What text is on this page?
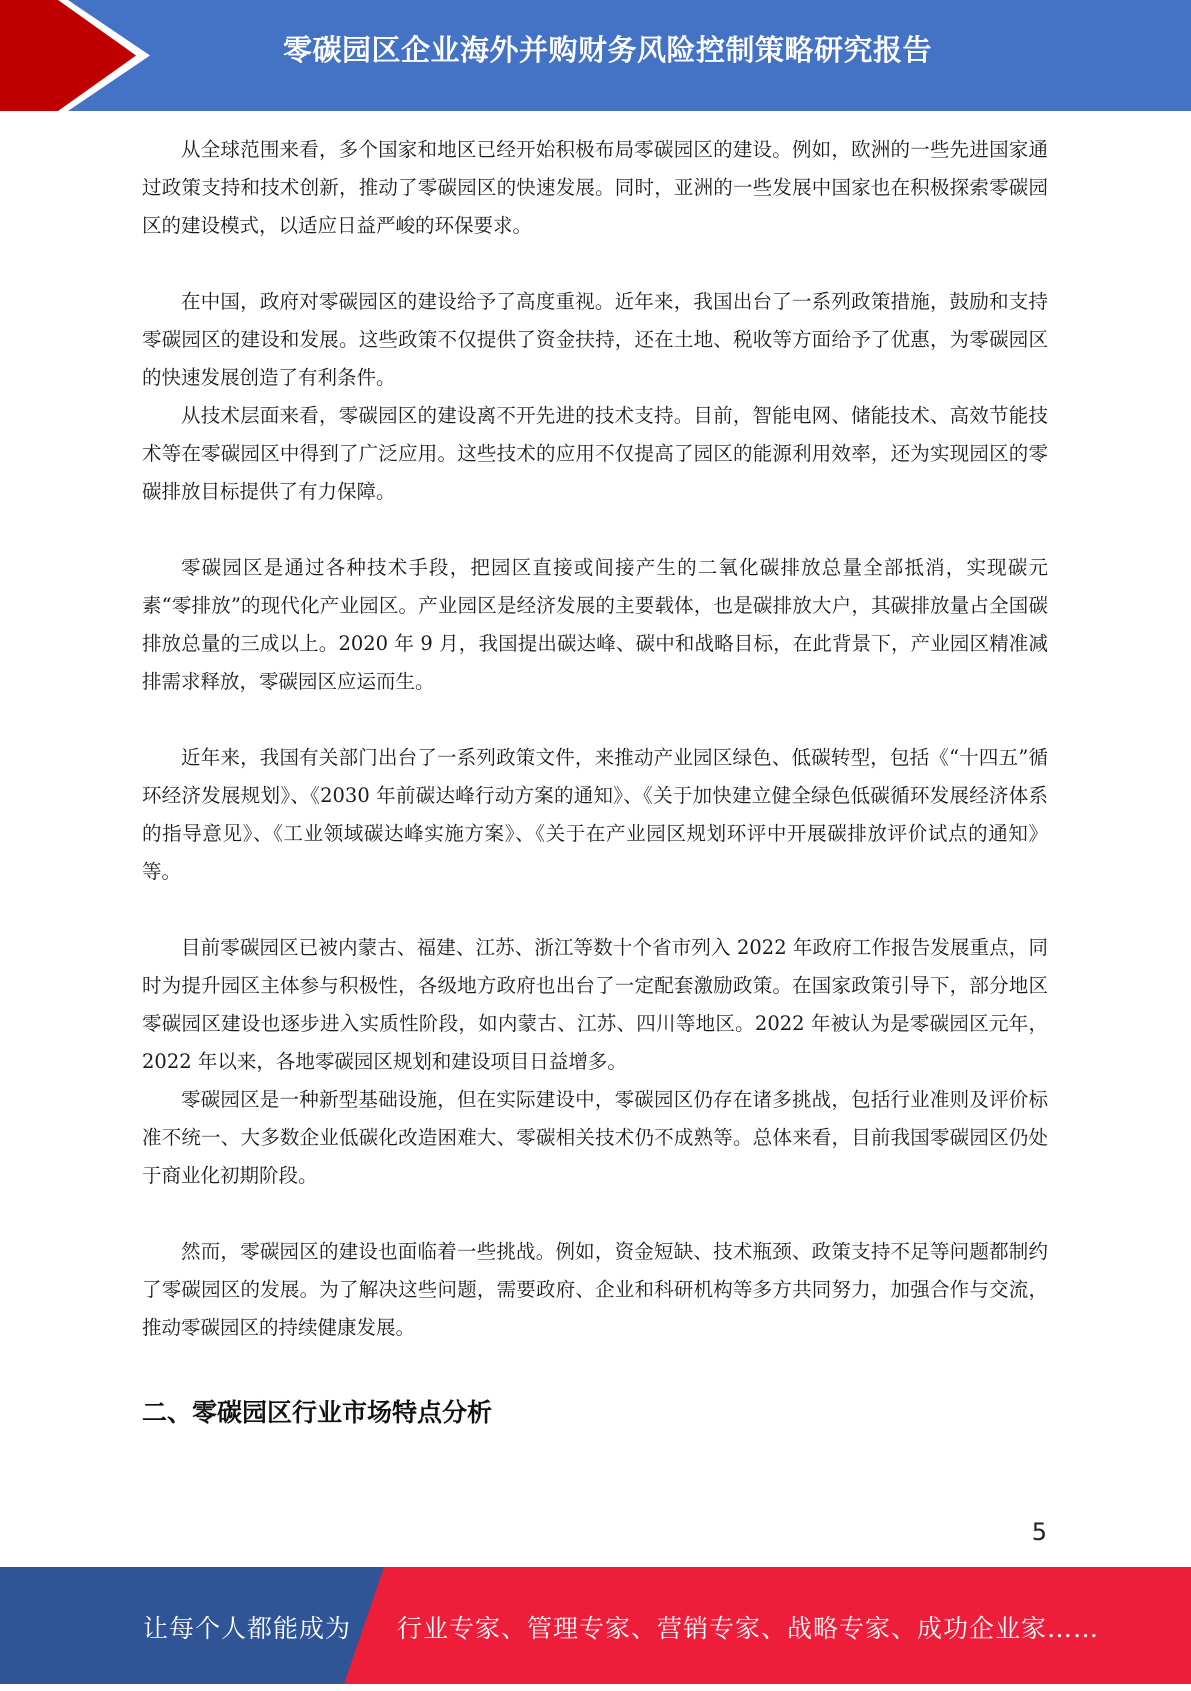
零碳园区企业海外并购财务风险控制策略研究报告

从全球范围来看，多个国家和地区已经开始积极布局零碳园区的建设。例如，欧洲的一些先进国家通过政策支持和技术创新，推动了零碳园区的快速发展。同时，亚洲的一些发展中国家也在积极探索零碳园区的建设模式，以适应日益严峻的环保要求。

在中国，政府对零碳园区的建设给予了高度重视。近年来，我国出台了一系列政策措施，鼓励和支持零碳园区的建设和发展。这些政策不仅提供了资金扶持，还在土地、税收等方面给予了优惠，为零碳园区的快速发展创造了有利条件。

从技术层面来看，零碳园区的建设离不开先进的技术支持。目前，智能电网、储能技术、高效节能技术等在零碳园区中得到了广泛应用。这些技术的应用不仅提高了园区的能源利用效率，还为实现园区的零碳排放目标提供了有力保障。

零碳园区是通过各种技术手段，把园区直接或间接产生的二氧化碳排放总量全部抵消，实现碳元素“零排放”的现代化产业园区。产业园区是经济发展的主要载体，也是碳排放大户，其碳排放量占全国碳排放总量的三成以上。2020 年 9 月，我国提出碳达峰、碳中和战略目标，在此背景下，产业园区精准减排需求释放，零碳园区应运而生。

近年来，我国有关部门出台了一系列政策文件，来推动产业园区绿色、低碳转型，包括《“十四五”循环经济发展规划》、《2030 年前碳达峰行动方案的通知》、《关于加快建立健全绿色低碳循环发展经济体系的指导意见》、《工业领域碳达峰实施方案》、《关于在产业园区规划环评中开展碳排放评价试点的通知》等。

目前零碳园区已被内蒙古、福建、江苏、浙江等数十个省市列入 2022 年政府工作报告发展重点，同时为提升园区主体参与积极性，各级地方政府也出台了一定配套激励政策。在国家政策引导下，部分地区零碳园区建设也逐步进入实质性阶段，如内蒙古、江苏、四川等地区。2022 年被认为是零碳园区元年，2022 年以来，各地零碳园区规划和建设项目日益增多。

零碳园区是一种新型基础设施，但在实际建设中，零碳园区仍存在诸多挑战，包括行业准则及评价标准不统一、大多数企业低碳化改造困难大、零碳相关技术仍不成熟等。总体来看，目前我国零碳园区仍处于商业化初期阶段。

然而，零碳园区的建设也面临着一些挑战。例如，资金短缺、技术瓶颈、政策支持不足等问题都制约了零碳园区的发展。为了解决这些问题，需要政府、企业和科研机构等多方共同努力，加强合作与交流，推动零碳园区的持续健康发展。

二、零碳园区行业市场特点分析
5
让每个人都能成为 行业专家、管理专家、营销专家、战略专家、成功企业家……
